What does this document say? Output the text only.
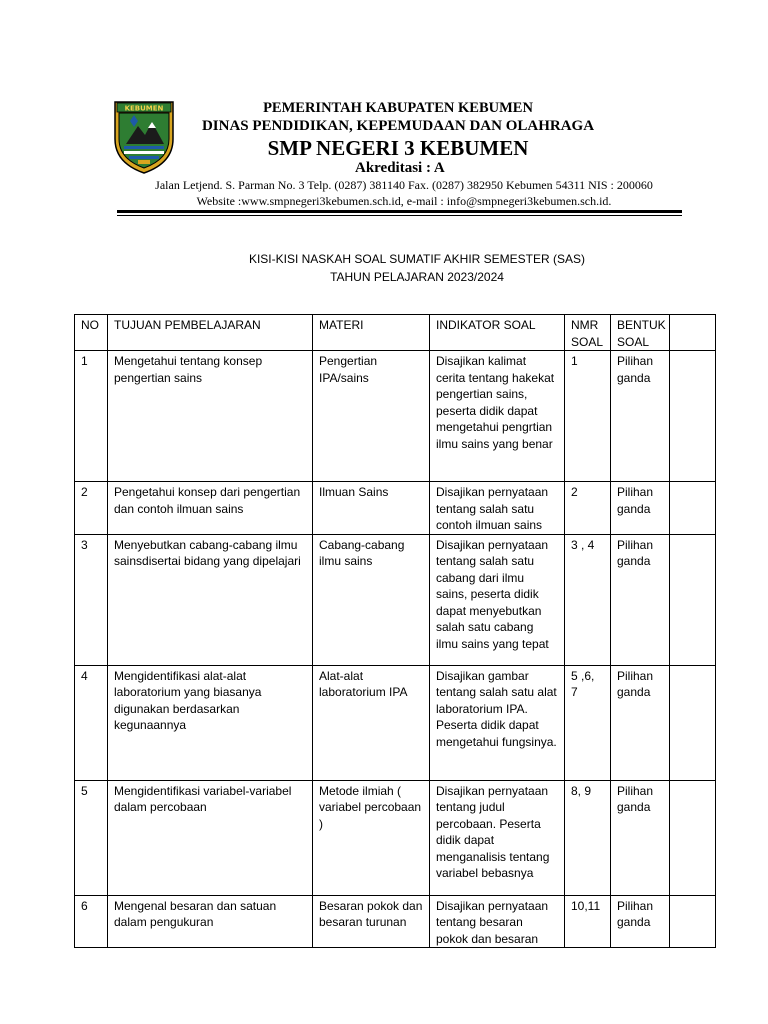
KEBUMEN	PEMERINTAH KABUPATEN KEBUMEN
DINAS PENDIDIKAN, KEPEMUDAAN DAN OLAHRAGA
SMP NEGERI 3 KEBUMEN
Akreditasi : A
Jalan Letjend. S. Parman No. 3 Telp. (0287) 381140 Fax. (0287) 382950 Kebumen 54311 NIS : 200060
Website :www.smpnegeri3kebumen.sch.id, e-mail : info@smpnegeri3kebumen.sch.id.
KISI-KISI NASKAH SOAL SUMATIF AKHIR SEMESTER (SAS)
TAHUN PELAJARAN 2023/2024
NO	TUJUAN PEMBELAJARAN	MATERI	INDIKATOR SOAL	NMR SOAL	BENTUK SOAL	
1	Mengetahui tentang konsep pengertian sains	Pengertian IPA/sains	Disajikan kalimat cerita tentang hakekat pengertian sains, peserta didik dapat mengetahui pengrtian ilmu sains yang benar	1	Pilihan ganda	
2	Pengetahui konsep dari pengertian dan contoh ilmuan sains	Ilmuan Sains	Disajikan pernyataan tentang salah satu contoh ilmuan sains	2	Pilihan ganda	
3	Menyebutkan cabang-cabang ilmu sainsdisertai bidang yang dipelajari	Cabang-cabang ilmu sains	Disajikan pernyataan tentang salah satu cabang dari ilmu sains, peserta didik dapat menyebutkan salah satu cabang ilmu sains yang tepat	3 , 4	Pilihan ganda	
4	Mengidentifikasi alat-alat laboratorium yang biasanya digunakan berdasarkan kegunaannya	Alat-alat laboratorium IPA	Disajikan gambar tentang salah satu alat laboratorium IPA. Peserta didik dapat mengetahui fungsinya.	5 ,6, 7	Pilihan ganda	
5	Mengidentifikasi variabel-variabel dalam percobaan	Metode ilmiah ( variabel percobaan )	Disajikan pernyataan tentang judul percobaan. Peserta didik dapat menganalisis tentang variabel bebasnya	8, 9	Pilihan ganda	
6	Mengenal besaran dan satuan dalam pengukuran	Besaran pokok dan besaran turunan	Disajikan pernyataan tentang besaran pokok dan besaran	10,11	Pilihan ganda	
